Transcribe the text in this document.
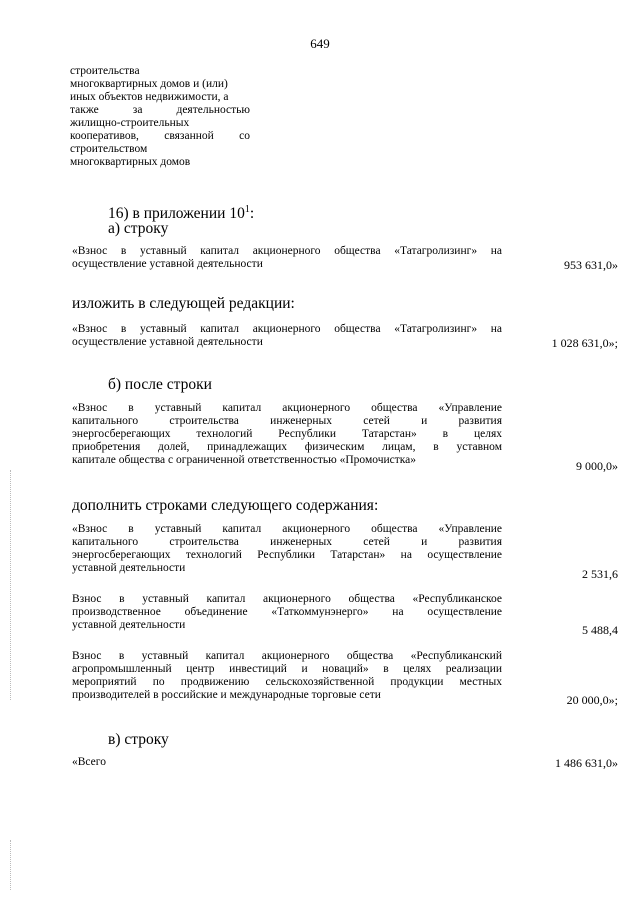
649
строительства
многоквартирных домов и (или)
иных объектов недвижимости, а
также за деятельностью
жилищно-строительных
кооперативов, связанной со
строительством
многоквартирных домов
16) в приложении $10^1$:
а) строку
«Взнос в уставный капитал акционерного общества «Татагролизинг» на
осуществление уставной деятельности	953 631,0»
изложить в следующей редакции:
«Взнос в уставный капитал акционерного общества «Татагролизинг» на
осуществление уставной деятельности	1 028 631,0»;
б) после строки
«Взнос в уставный капитал акционерного общества «Управление
капитального строительства инженерных сетей и развития
энергосберегающих технологий Республики Татарстан» в целях
приобретения долей, принадлежащих физическим лицам, в уставном
капитале общества с ограниченной ответственностью «Промочистка»	9 000,0»
дополнить строками следующего содержания:
«Взнос в уставный капитал акционерного общества «Управление
капитального строительства инженерных сетей и развития
энергосберегающих технологий Республики Татарстан» на осуществление
уставной деятельности	2 531,6
Взнос в уставный капитал акционерного общества «Республиканское
производственное объединение «Таткоммунэнерго» на осуществление
уставной деятельности	5 488,4
Взнос в уставный капитал акционерного общества «Республиканский
агропромышленный центр инвестиций и новаций» в целях реализации
мероприятий по продвижению сельскохозяйственной продукции местных
производителей в российские и международные торговые сети	20 000,0»;
в) строку
«Всего	1 486 631,0»
